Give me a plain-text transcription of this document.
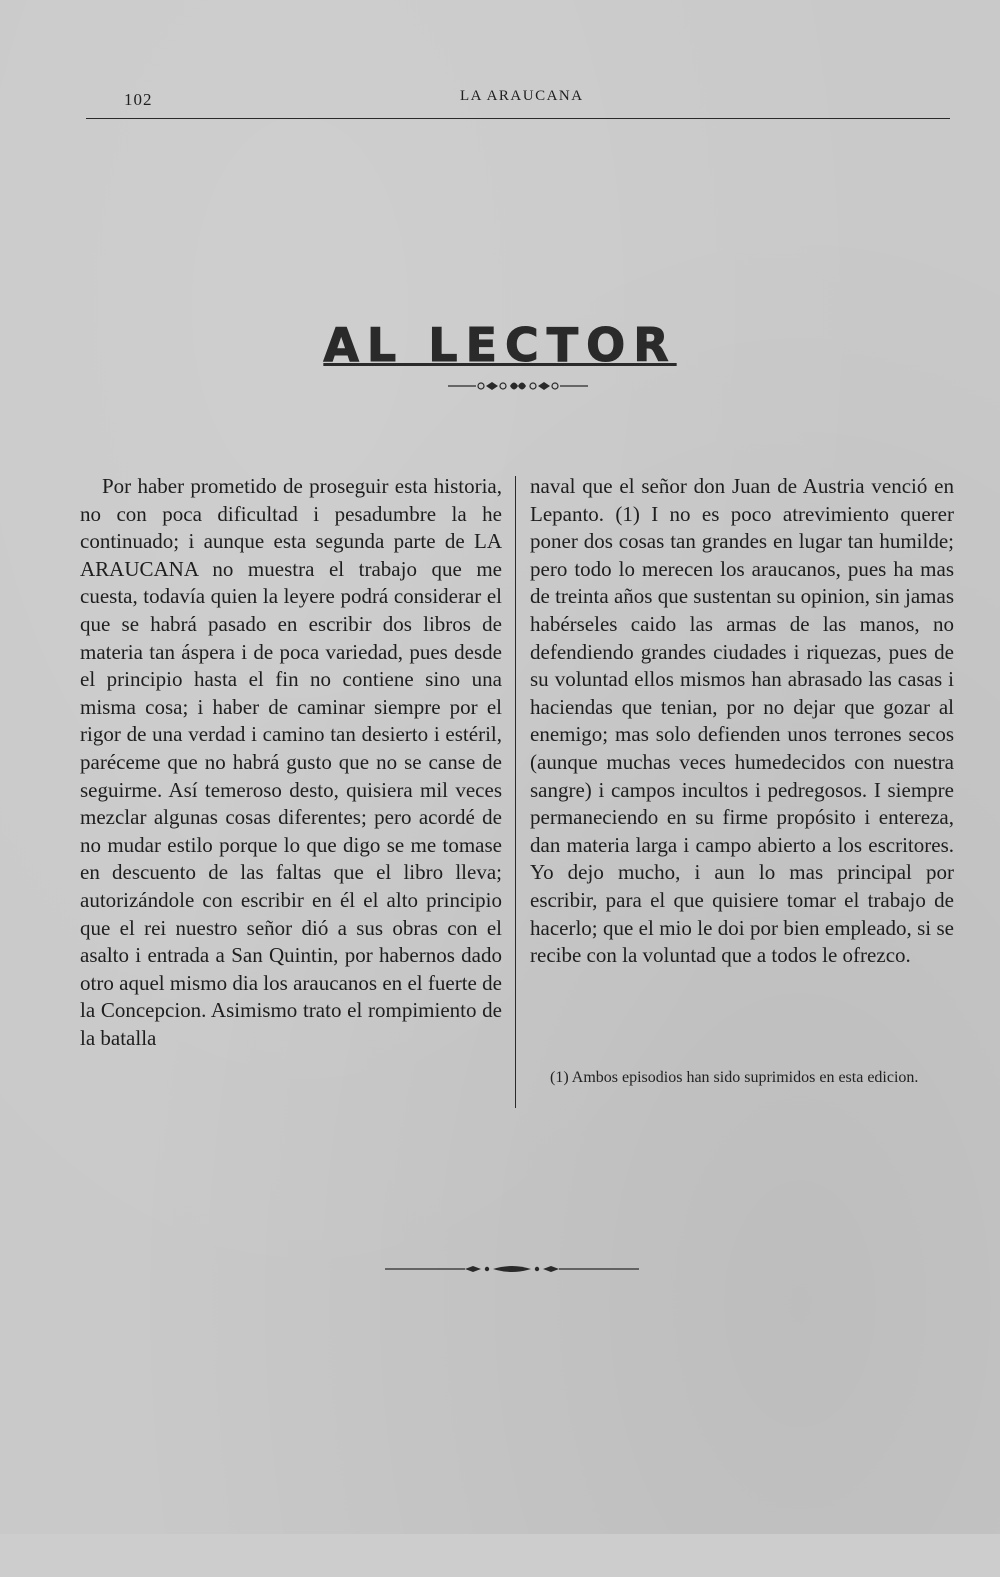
102	LA ARAUCANA
AL LECTOR
Por haber prometido de proseguir esta historia, no con poca dificultad i pesadumbre la he continuado; i aunque esta segunda parte de LA ARAUCANA no muestra el trabajo que me cuesta, todavía quien la leyere podrá considerar el que se habrá pasado en escribir dos libros de materia tan áspera i de poca variedad, pues desde el principio hasta el fin no contiene sino una misma cosa; i haber de caminar siempre por el rigor de una verdad i camino tan desierto i estéril, paréceme que no habrá gusto que no se canse de seguirme. Así temeroso desto, quisiera mil veces mezclar algunas cosas diferentes; pero acordé de no mudar estilo porque lo que digo se me tomase en descuento de las faltas que el libro lleva; autorizándole con escribir en él el alto principio que el rei nuestro señor dió a sus obras con el asalto i entrada a San Quintin, por habernos dado otro aquel mismo dia los araucanos en el fuerte de la Concepcion. Asimismo trato el rompimiento de la batalla
naval que el señor don Juan de Austria venció en Lepanto. (1) I no es poco atrevimiento querer poner dos cosas tan grandes en lugar tan humilde; pero todo lo merecen los araucanos, pues ha mas de treinta años que sustentan su opinion, sin jamas habérseles caido las armas de las manos, no defendiendo grandes ciudades i riquezas, pues de su voluntad ellos mismos han abrasado las casas i haciendas que tenian, por no dejar que gozar al enemigo; mas solo defienden unos terrones secos (aunque muchas veces humedecidos con nuestra sangre) i campos incultos i pedregosos. I siempre permaneciendo en su firme propósito i entereza, dan materia larga i campo abierto a los escritores. Yo dejo mucho, i aun lo mas principal por escribir, para el que quisiere tomar el trabajo de hacerlo; que el mio le doi por bien empleado, si se recibe con la voluntad que a todos le ofrezco.
(1) Ambos episodios han sido suprimidos en esta edicion.
